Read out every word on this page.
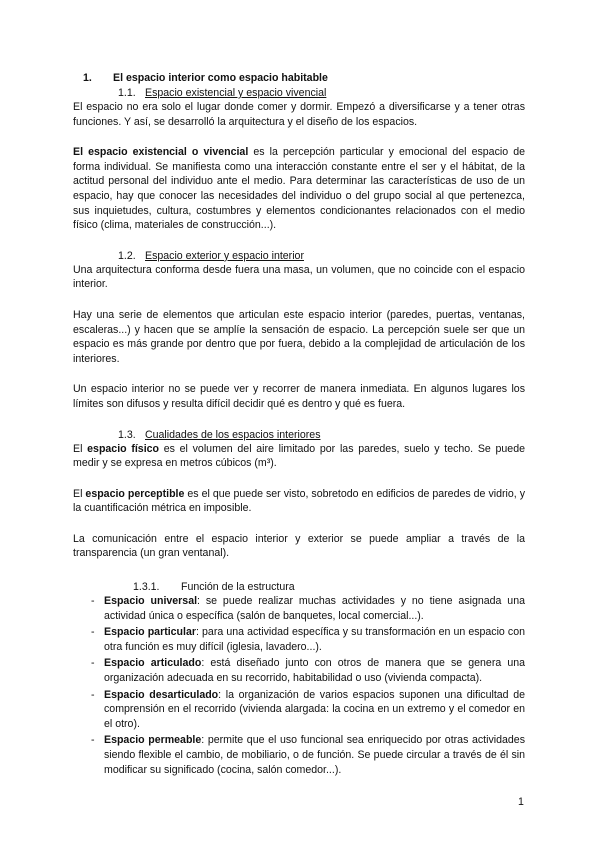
1. El espacio interior como espacio habitable
1.1. Espacio existencial y espacio vivencial

El espacio no era solo el lugar donde comer y dormir. Empezó a diversificarse y a tener otras funciones. Y así, se desarrolló la arquitectura y el diseño de los espacios.

El espacio existencial o vivencial es la percepción particular y emocional del espacio de forma individual. Se manifiesta como una interacción constante entre el ser y el hábitat, de la actitud personal del individuo ante el medio. Para determinar las características de uso de un espacio, hay que conocer las necesidades del individuo o del grupo social al que pertenezca, sus inquietudes, cultura, costumbres y elementos condicionantes relacionados con el medio físico (clima, materiales de construcción...).

1.2. Espacio exterior y espacio interior

Una arquitectura conforma desde fuera una masa, un volumen, que no coincide con el espacio interior.

Hay una serie de elementos que articulan este espacio interior (paredes, puertas, ventanas, escaleras...) y hacen que se amplíe la sensación de espacio. La percepción suele ser que un espacio es más grande por dentro que por fuera, debido a la complejidad de articulación de los interiores.

Un espacio interior no se puede ver y recorrer de manera inmediata. En algunos lugares los límites son difusos y resulta difícil decidir qué es dentro y qué es fuera.

1.3. Cualidades de los espacios interiores

El espacio físico es el volumen del aire limitado por las paredes, suelo y techo. Se puede medir y se expresa en metros cúbicos (m³).

El espacio perceptible es el que puede ser visto, sobretodo en edificios de paredes de vidrio, y la cuantificación métrica en imposible.

La comunicación entre el espacio interior y exterior se puede ampliar a través de la transparencia (un gran ventanal).

1.3.1. Función de la estructura
- Espacio universal: se puede realizar muchas actividades y no tiene asignada una actividad única o específica (salón de banquetes, local comercial...).
- Espacio particular: para una actividad específica y su transformación en un espacio con otra función es muy difícil (iglesia, lavadero...).
- Espacio articulado: está diseñado junto con otros de manera que se genera una organización adecuada en su recorrido, habitabilidad o uso (vivienda compacta).
- Espacio desarticulado: la organización de varios espacios suponen una dificultad de comprensión en el recorrido (vivienda alargada: la cocina en un extremo y el comedor en el otro).
- Espacio permeable: permite que el uso funcional sea enriquecido por otras actividades siendo flexible el cambio, de mobiliario, o de función. Se puede circular a través de él sin modificar su significado (cocina, salón comedor...).
1
